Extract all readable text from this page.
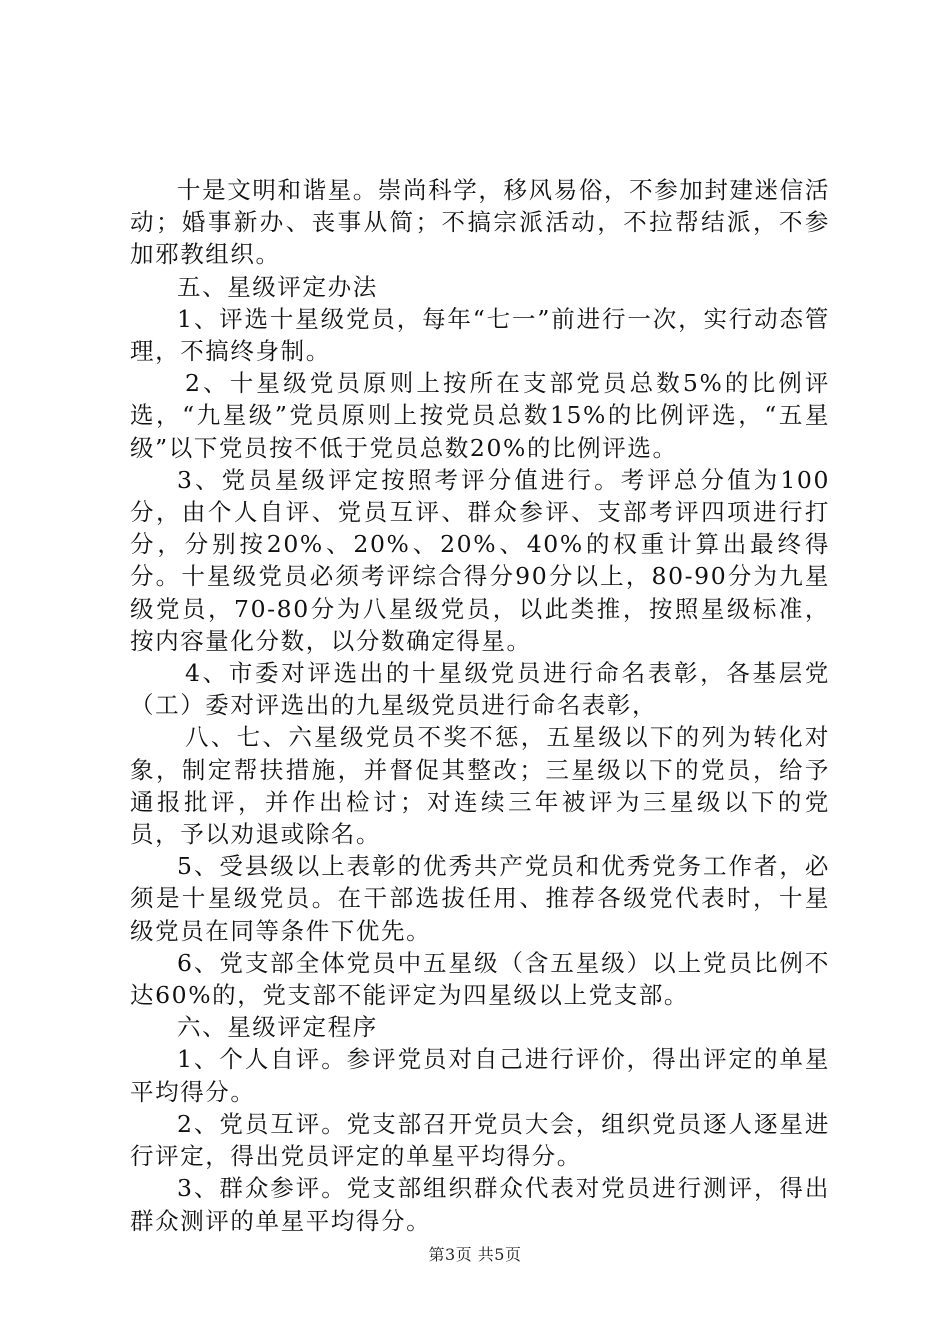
十是文明和谐星。崇尚科学，移风易俗，不参加封建迷信活动；婚事新办、丧事从简；不搞宗派活动，不拉帮结派，不参加邪教组织。

五、星级评定办法

1、评选十星级党员，每年“七一”前进行一次，实行动态管理，不搞终身制。

2、十星级党员原则上按所在支部党员总数5%的比例评选，“九星级”党员原则上按党员总数15%的比例评选，“五星级”以下党员按不低于党员总数20%的比例评选。

3、党员星级评定按照考评分值进行。考评总分值为100分，由个人自评、党员互评、群众参评、支部考评四项进行打分，分别按20%、20%、20%、40%的权重计算出最终得分。十星级党员必须考评综合得分90分以上，80-90分为九星级党员，70-80分为八星级党员，以此类推，按照星级标准，按内容量化分数，以分数确定得星。

4、市委对评选出的十星级党员进行命名表彰，各基层党（工）委对评选出的九星级党员进行命名表彰，

八、七、六星级党员不奖不惩，五星级以下的列为转化对象，制定帮扶措施，并督促其整改；三星级以下的党员，给予通报批评，并作出检讨；对连续三年被评为三星级以下的党员，予以劝退或除名。

5、受县级以上表彰的优秀共产党员和优秀党务工作者，必须是十星级党员。在干部选拔任用、推荐各级党代表时，十星级党员在同等条件下优先。

6、党支部全体党员中五星级（含五星级）以上党员比例不达60%的，党支部不能评定为四星级以上党支部。

六、星级评定程序

1、个人自评。参评党员对自己进行评价，得出评定的单星平均得分。

2、党员互评。党支部召开党员大会，组织党员逐人逐星进行评定，得出党员评定的单星平均得分。

3、群众参评。党支部组织群众代表对党员进行测评，得出群众测评的单星平均得分。

第3页 共5页
